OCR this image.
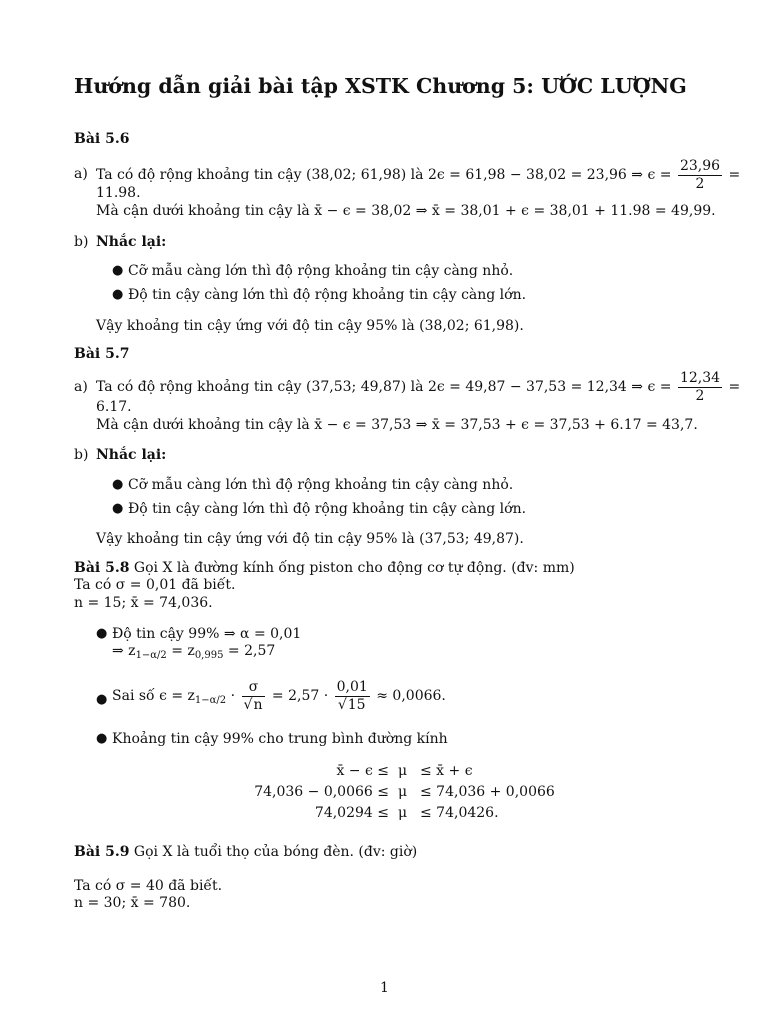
Hướng dẫn giải bài tập XSTK Chương 5: ƯỚC LƯỢNG
Bài 5.6
a) Ta có độ rộng khoảng tin cậy (38,02; 61,98) là 2ϵ = 61,98 − 38,02 = 23,96 ⇒ $\epsilon = \frac{23,96}{2}$ =
11.98.
Mà cận dưới khoảng tin cậy là x̄ − ϵ = 38,02 ⇒ x̄ = 38,01 + ϵ = 38,01 + 11.98 = 49,99.
b) Nhắc lại:
● Cỡ mẫu càng lớn thì độ rộng khoảng tin cậy càng nhỏ.
● Độ tin cậy càng lớn thì độ rộng khoảng tin cậy càng lớn.
Vậy khoảng tin cậy ứng với độ tin cậy 95% là (38,02; 61,98).
Bài 5.7
a) Ta có độ rộng khoảng tin cậy (37,53; 49,87) là 2ϵ = 49,87 − 37,53 = 12,34 ⇒ $\epsilon = \frac{12,34}{2}$ =
6.17.
Mà cận dưới khoảng tin cậy là x̄ − ϵ = 37,53 ⇒ x̄ = 37,53 + ϵ = 37,53 + 6.17 = 43,7.
b) Nhắc lại:
● Cỡ mẫu càng lớn thì độ rộng khoảng tin cậy càng nhỏ.
● Độ tin cậy càng lớn thì độ rộng khoảng tin cậy càng lớn.
Vậy khoảng tin cậy ứng với độ tin cậy 95% là (37,53; 49,87).
Bài 5.8 Gọi X là đường kính ống piston cho động cơ tự động. (đv: mm)
Ta có σ = 0,01 đã biết.
n = 15; x̄ = 74,036.
● Độ tin cậy 99% ⇒ α = 0,01
⇒ $z_{1-\alpha/2} = z_{0,995} = 2,57$
● Sai số $\epsilon = z_{1-\alpha/2} \cdot \frac{\sigma}{√n} = 2,57 \cdot \frac{0,01}{√15} \approx 0,0066$.
● Khoảng tin cậy 99% cho trung bình đường kính
x̄ − ϵ ≤ μ ≤ x̄ + ϵ
74,036 − 0,0066 ≤ μ ≤ 74,036 + 0,0066
74,0294 ≤ μ ≤ 74,0426.
Bài 5.9 Gọi X là tuổi thọ của bóng đèn. (đv: giờ)
Ta có σ = 40 đã biết.
n = 30; x̄ = 780.
1
